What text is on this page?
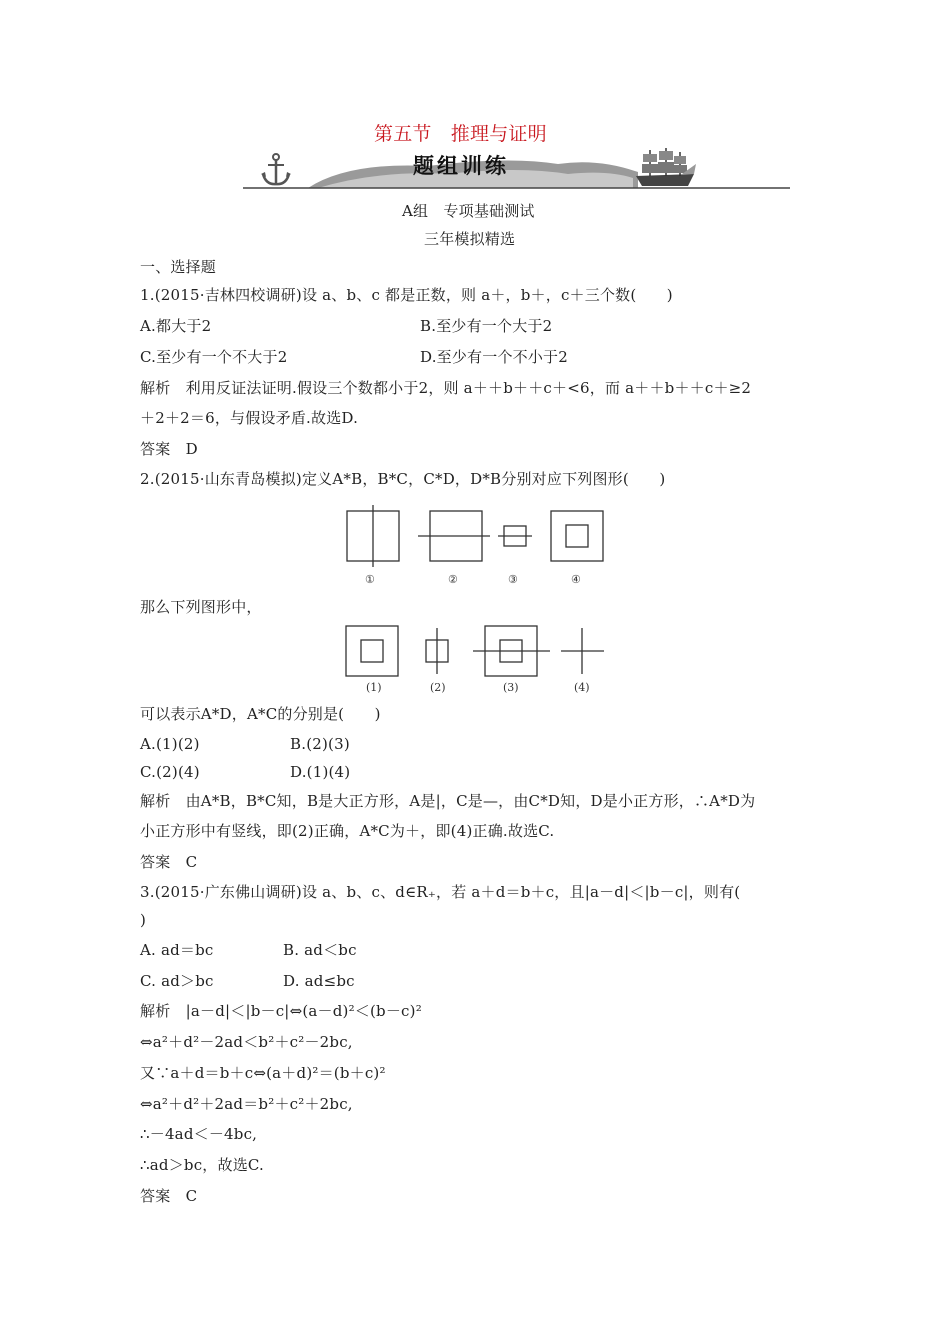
第五节　推理与证明
题组训练
A组　专项基础测试
三年模拟精选
一、选择题
1.(2015·吉林四校调研)设 a、b、c 都是正数，则 a＋，b＋，c＋三个数(　　)
A.都大于2	B.至少有一个大于2
C.至少有一个不大于2	D.至少有一个不小于2
解析　利用反证法证明.假设三个数都小于2，则 a＋＋b＋＋c＋<6，而 a＋＋b＋＋c＋≥2
＋2＋2＝6，与假设矛盾.故选D.
答案　D
2.(2015·山东青岛模拟)定义A*B，B*C，C*D，D*B分别对应下列图形(　　)
①	②	③	④
那么下列图形中，
(1)	(2)	(3)	(4)
可以表示A*D，A*C的分别是(　　)
A.(1)(2)	B.(2)(3)
C.(2)(4)	D.(1)(4)
解析　由A*B，B*C知，B是大正方形，A是|，C是—，由C*D知，D是小正方形，∴A*D为
小正方形中有竖线，即(2)正确，A*C为＋，即(4)正确.故选C.
答案　C
3.(2015·广东佛山调研)设 a、b、c、d∈R₊，若 a＋d＝b＋c，且|a－d|＜|b－c|，则有(
)
A. ad＝bc	B. ad＜bc
C. ad＞bc	D. ad≤bc
解析　|a－d|＜|b－c|⇔(a－d)²＜(b－c)²
⇔a²＋d²－2ad＜b²＋c²－2bc,
又∵a＋d＝b＋c⇔(a＋d)²＝(b＋c)²
⇔a²＋d²＋2ad＝b²＋c²＋2bc,
∴－4ad＜－4bc,
∴ad＞bc，故选C.
答案　C
